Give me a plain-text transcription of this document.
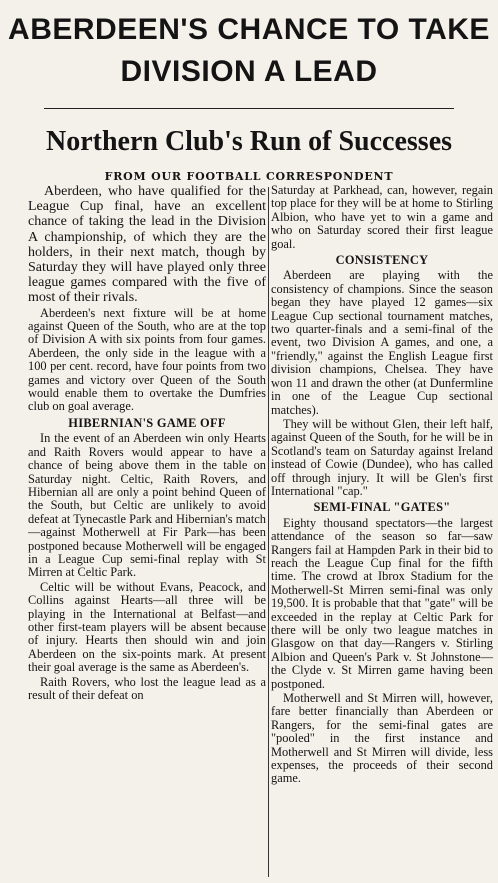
ABERDEEN'S CHANCE TO TAKE
DIVISION A LEAD
Northern Club's Run of Successes
FROM OUR FOOTBALL CORRESPONDENT

Aberdeen, who have qualified for the League Cup final, have an excellent chance of taking the lead in the Division A championship, of which they are the holders, in their next match, though by Saturday they will have played only three league games compared with the five of most of their rivals.

Aberdeen's next fixture will be at home against Queen of the South, who are at the top of Division A with six points from four games. Aberdeen, the only side in the league with a 100 per cent. record, have four points from two games and victory over Queen of the South would enable them to overtake the Dumfries club on goal average.

HIBERNIAN'S GAME OFF

In the event of an Aberdeen win only Hearts and Raith Rovers would appear to have a chance of being above them in the table on Saturday night. Celtic, Raith Rovers, and Hibernian all are only a point behind Queen of the South, but Celtic are unlikely to avoid defeat at Tynecastle Park and Hibernian's match—against Motherwell at Fir Park—has been postponed because Motherwell will be engaged in a League Cup semi-final replay with St Mirren at Celtic Park.

Celtic will be without Evans, Peacock, and Collins against Hearts—all three will be playing in the International at Belfast—and other first-team players will be absent because of injury. Hearts then should win and join Aberdeen on the six-points mark. At present their goal average is the same as Aberdeen's.

Raith Rovers, who lost the league lead as a result of their defeat on

Saturday at Parkhead, can, however, regain top place for they will be at home to Stirling Albion, who have yet to win a game and who on Saturday scored their first league goal.

CONSISTENCY

Aberdeen are playing with the consistency of champions. Since the season began they have played 12 games—six League Cup sectional tournament matches, two quarter-finals and a semi-final of the event, two Division A games, and one, a "friendly," against the English League first division champions, Chelsea. They have won 11 and drawn the other (at Dunfermline in one of the League Cup sectional matches).

They will be without Glen, their left half, against Queen of the South, for he will be in Scotland's team on Saturday against Ireland instead of Cowie (Dundee), who has called off through injury. It will be Glen's first International "cap."

SEMI-FINAL "GATES"

Eighty thousand spectators—the largest attendance of the season so far—saw Rangers fail at Hampden Park in their bid to reach the League Cup final for the fifth time. The crowd at Ibrox Stadium for the Motherwell-St Mirren semi-final was only 19,500. It is probable that that "gate" will be exceeded in the replay at Celtic Park for there will be only two league matches in Glasgow on that day—Rangers v. Stirling Albion and Queen's Park v. St Johnstone—the Clyde v. St Mirren game having been postponed.

Motherwell and St Mirren will, however, fare better financially than Aberdeen or Rangers, for the semi-final gates are "pooled" in the first instance and Motherwell and St Mirren will divide, less expenses, the proceeds of their second game.
